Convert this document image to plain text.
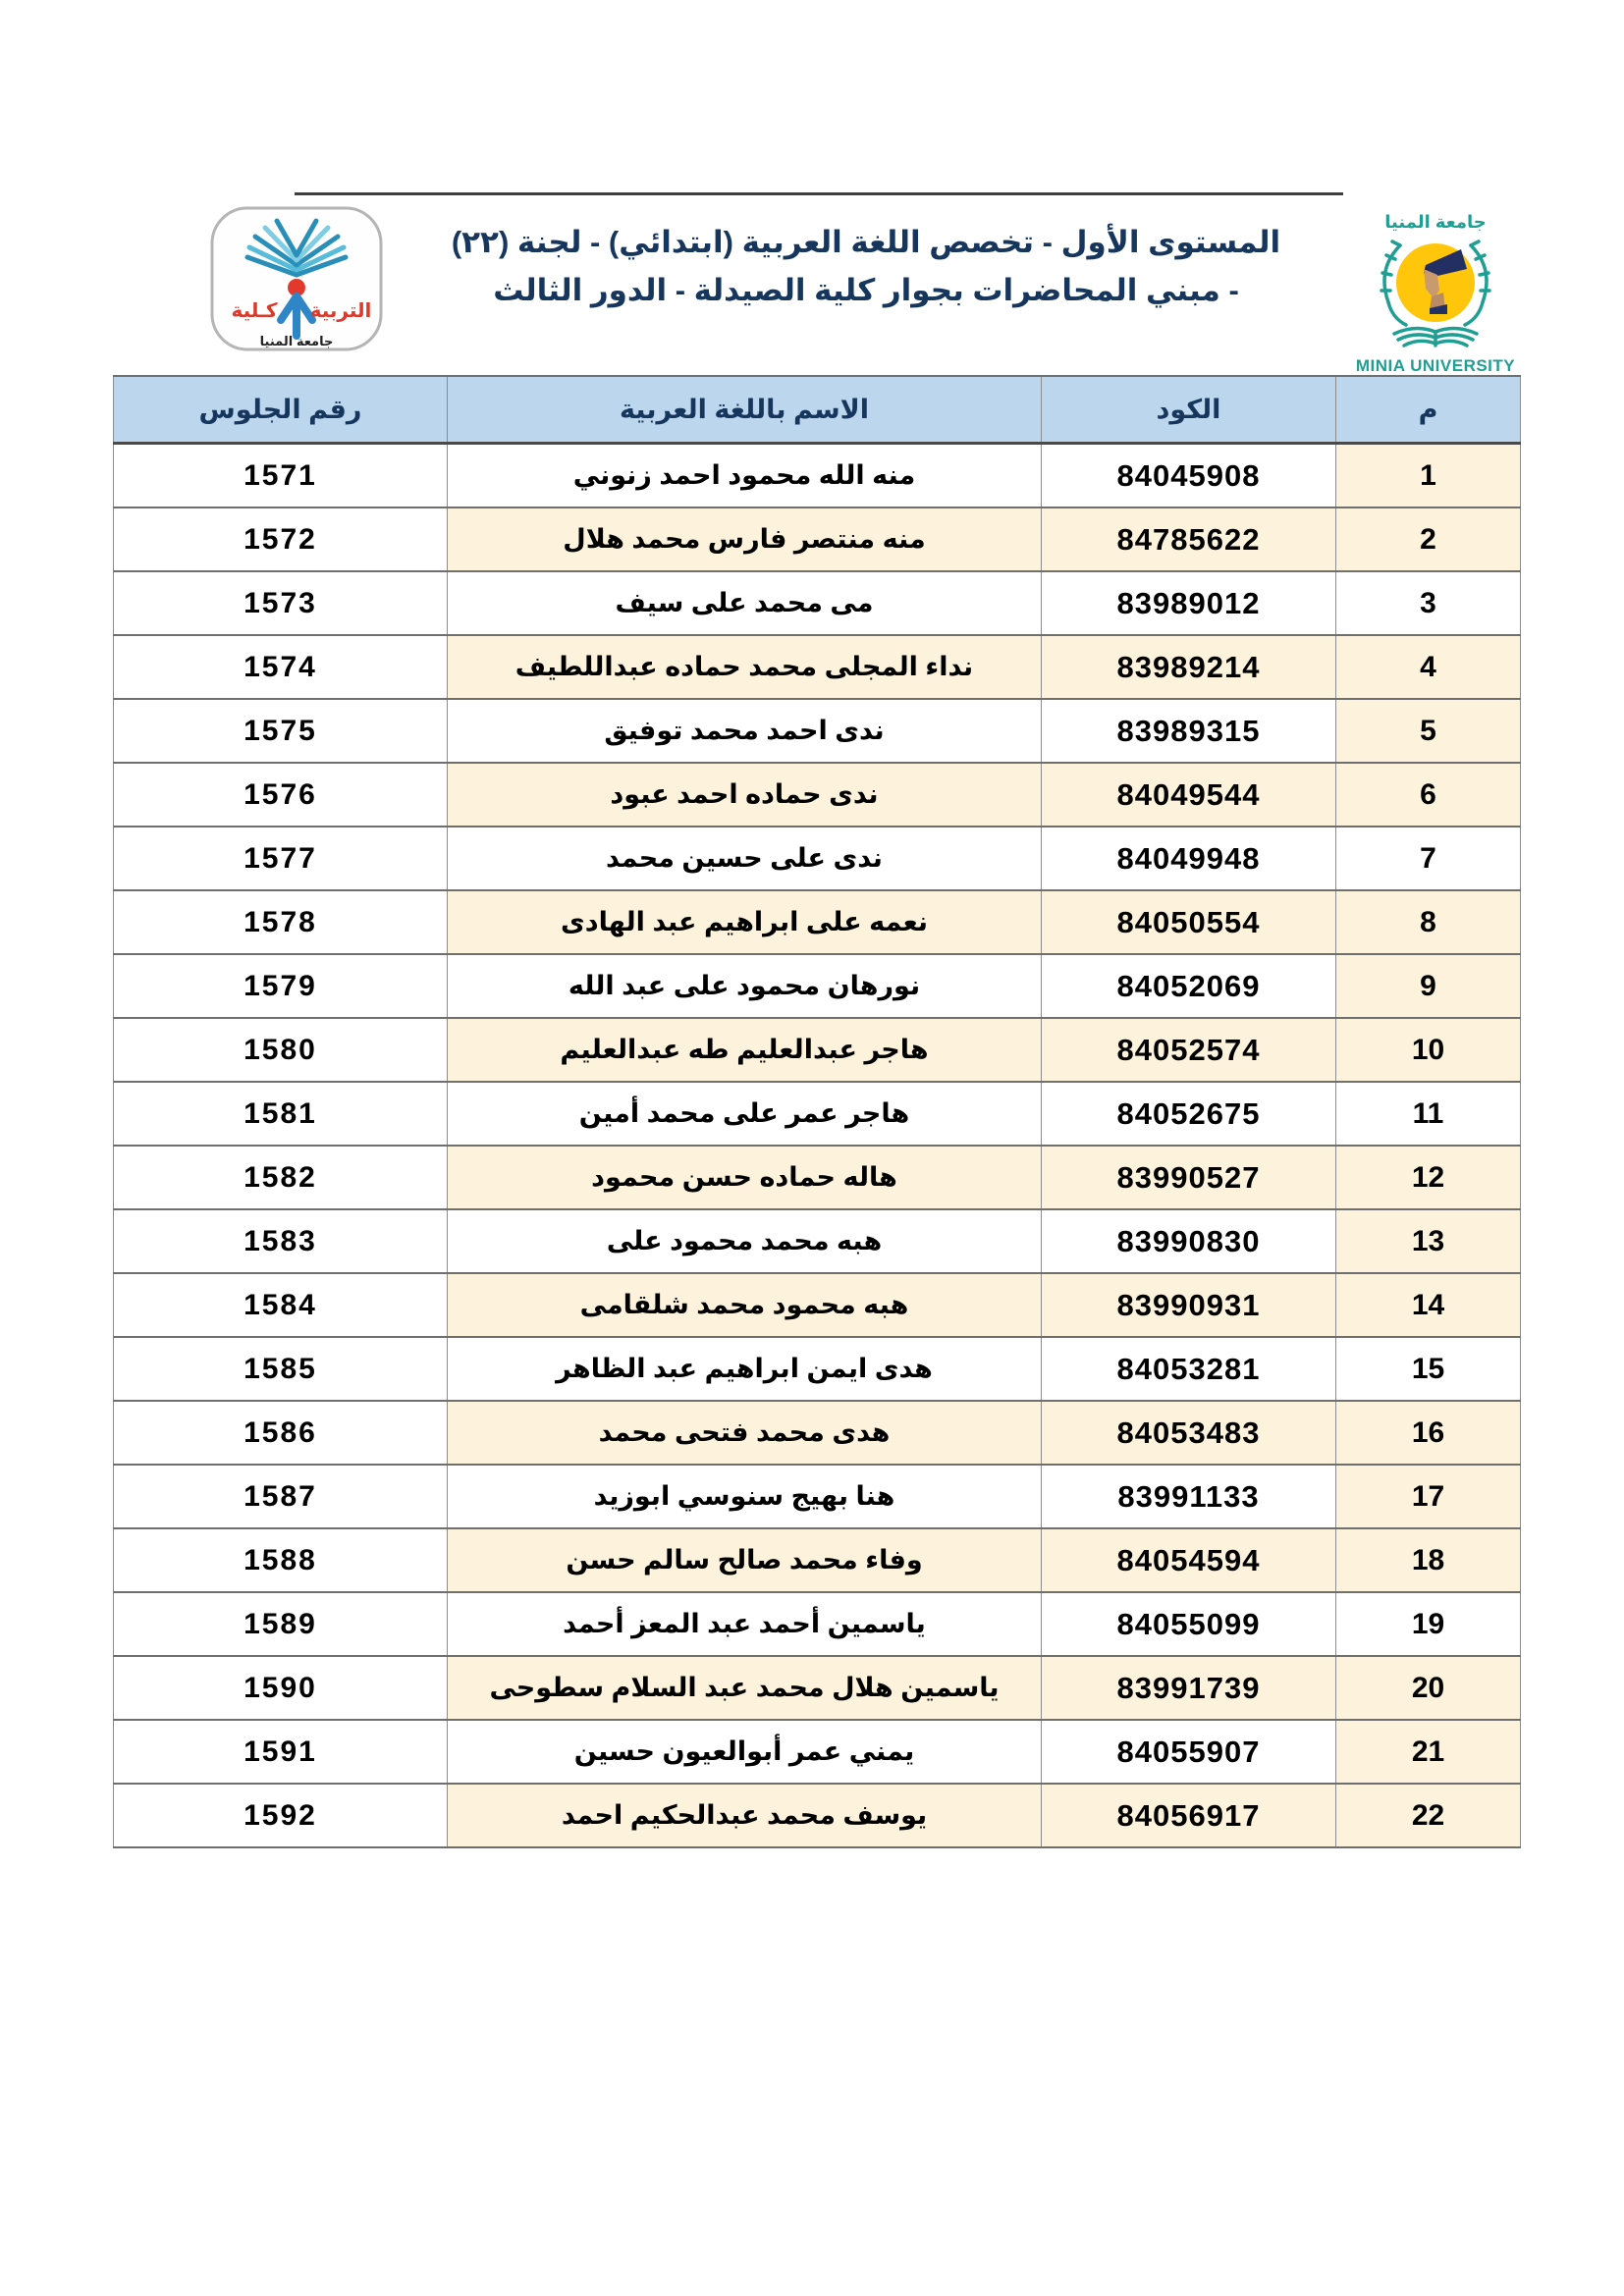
كـلية التربية
جامعة المنيا
المستوى الأول - تخصص اللغة العربية (ابتدائي) - لجنة (٢٢)
- مبني المحاضرات بجوار كلية الصيدلة - الدور الثالث
جامعة المنيا
MINIA UNIVERSITY
م	الكود	الاسم باللغة العربية	رقم الجلوس
1	84045908	منه الله محمود احمد زنوني	1571
2	84785622	منه منتصر فارس محمد هلال	1572
3	83989012	مى محمد على سيف	1573
4	83989214	نداء المجلى محمد حماده عبداللطيف	1574
5	83989315	ندى احمد محمد توفيق	1575
6	84049544	ندى حماده احمد عبود	1576
7	84049948	ندى على حسين محمد	1577
8	84050554	نعمه على ابراهيم عبد الهادى	1578
9	84052069	نورهان محمود على عبد الله	1579
10	84052574	هاجر عبدالعليم طه عبدالعليم	1580
11	84052675	هاجر عمر على محمد أمين	1581
12	83990527	هاله حماده حسن محمود	1582
13	83990830	هبه محمد محمود على	1583
14	83990931	هبه محمود محمد شلقامى	1584
15	84053281	هدى ايمن ابراهيم عبد الظاهر	1585
16	84053483	هدى محمد فتحى محمد	1586
17	83991133	هنا بهيج سنوسي ابوزيد	1587
18	84054594	وفاء محمد صالح سالم حسن	1588
19	84055099	ياسمين أحمد عبد المعز أحمد	1589
20	83991739	ياسمين هلال محمد عبد السلام سطوحى	1590
21	84055907	يمني عمر أبوالعيون حسين	1591
22	84056917	يوسف محمد عبدالحكيم احمد	1592
